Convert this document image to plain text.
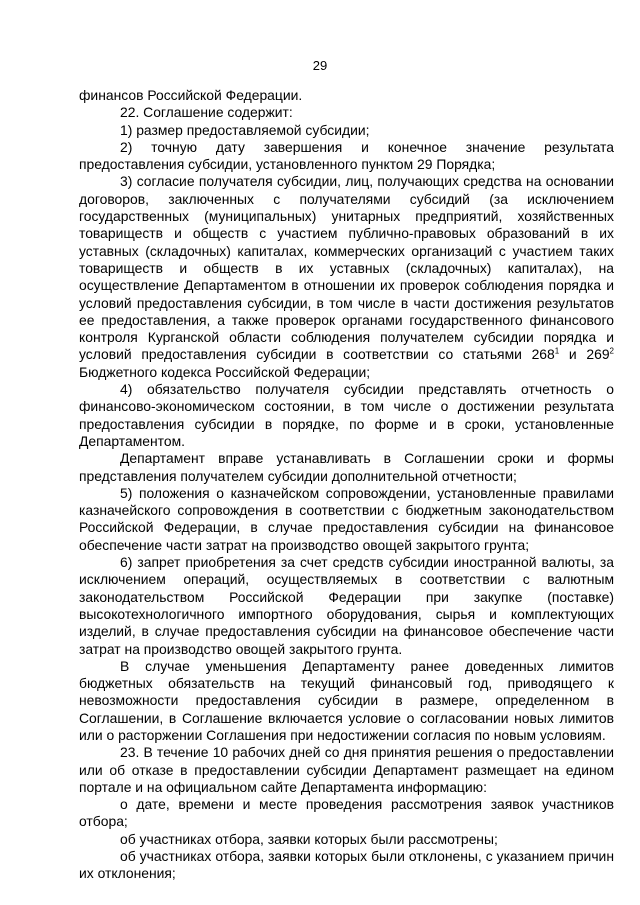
29

финансов Российской Федерации.

22. Соглашение содержит:

1) размер предоставляемой субсидии;

2) точную дату завершения и конечное значение результата предоставления субсидии, установленного пунктом 29 Порядка;

3) согласие получателя субсидии, лиц, получающих средства на основании договоров, заключенных с получателями субсидий (за исключением государственных (муниципальных) унитарных предприятий, хозяйственных товариществ и обществ с участием публично-правовых образований в их уставных (складочных) капиталах, коммерческих организаций с участием таких товариществ и обществ в их уставных (складочных) капиталах), на осуществление Департаментом в отношении их проверок соблюдения порядка и условий предоставления субсидии, в том числе в части достижения результатов ее предоставления, а также проверок органами государственного финансового контроля Курганской области соблюдения получателем субсидии порядка и условий предоставления субсидии в соответствии со статьями $268^1$ и $269^2$ Бюджетного кодекса Российской Федерации;

4) обязательство получателя субсидии представлять отчетность о финансово-экономическом состоянии, в том числе о достижении результата предоставления субсидии в порядке, по форме и в сроки, установленные Департаментом.

Департамент вправе устанавливать в Соглашении сроки и формы представления получателем субсидии дополнительной отчетности;

5) положения о казначейском сопровождении, установленные правилами казначейского сопровождения в соответствии с бюджетным законодательством Российской Федерации, в случае предоставления субсидии на финансовое обеспечение части затрат на производство овощей закрытого грунта;

6) запрет приобретения за счет средств субсидии иностранной валюты, за исключением операций, осуществляемых в соответствии с валютным законодательством Российской Федерации при закупке (поставке) высокотехнологичного импортного оборудования, сырья и комплектующих изделий, в случае предоставления субсидии на финансовое обеспечение части затрат на производство овощей закрытого грунта.

В случае уменьшения Департаменту ранее доведенных лимитов бюджетных обязательств на текущий финансовый год, приводящего к невозможности предоставления субсидии в размере, определенном в Соглашении, в Соглашение включается условие о согласовании новых лимитов или о расторжении Соглашения при недостижении согласия по новым условиям.

23. В течение 10 рабочих дней со дня принятия решения о предоставлении или об отказе в предоставлении субсидии Департамент размещает на едином портале и на официальном сайте Департамента информацию:

о дате, времени и месте проведения рассмотрения заявок участников отбора;

об участниках отбора, заявки которых были рассмотрены;

об участниках отбора, заявки которых были отклонены, с указанием причин их отклонения;
